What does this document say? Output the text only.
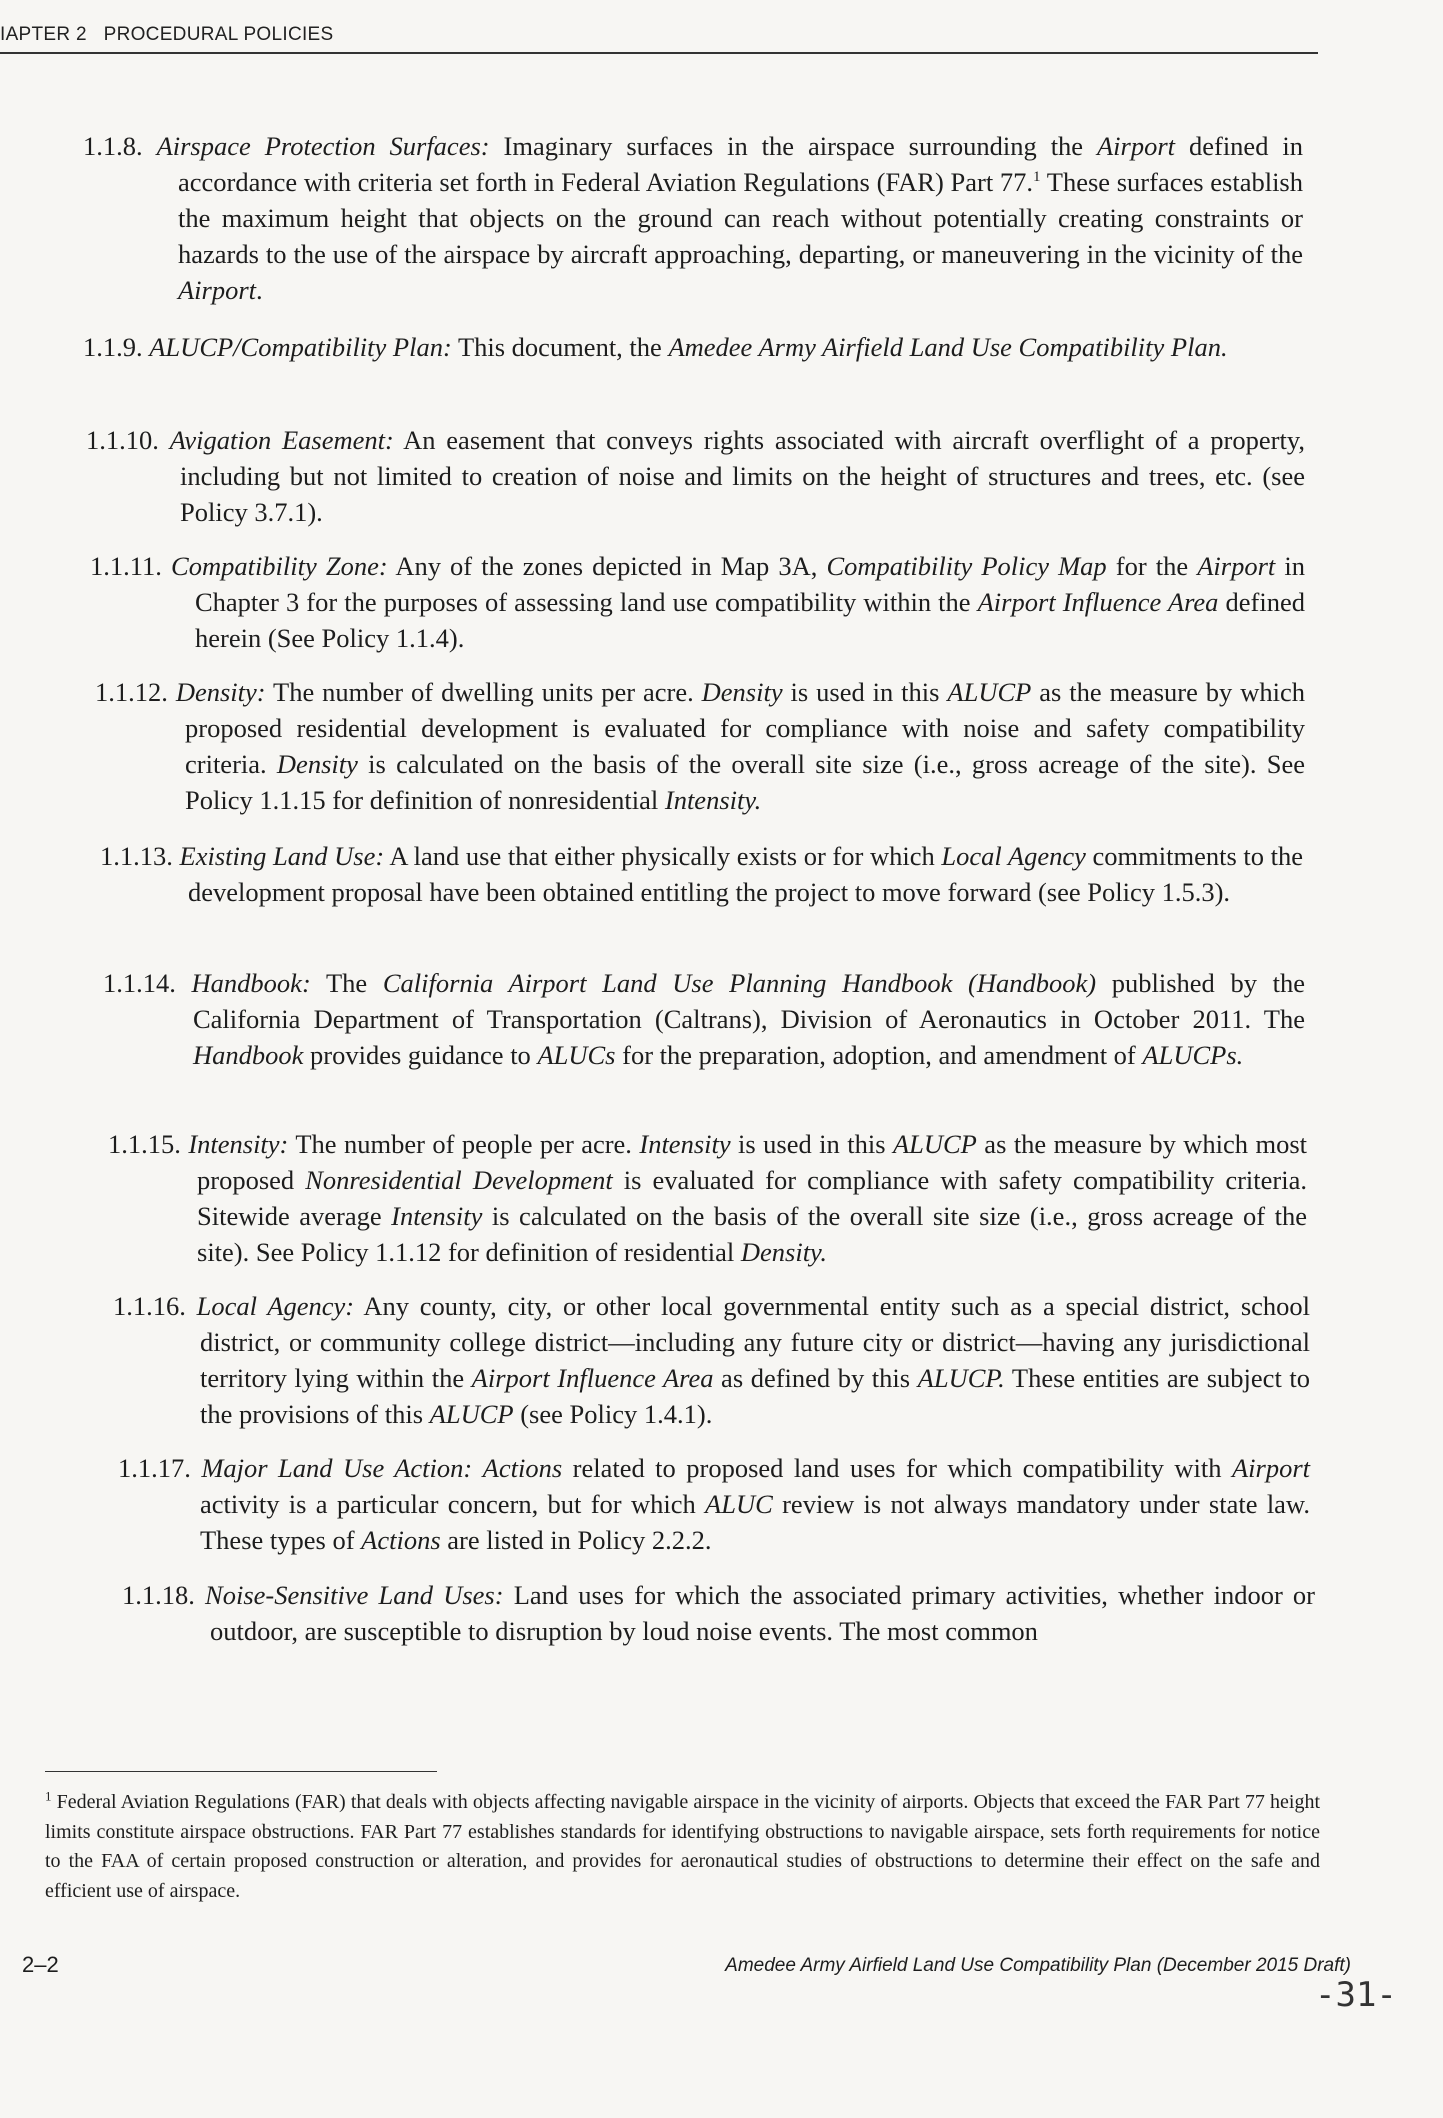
IAPTER 2   PROCEDURAL POLICIES
1.1.8. Airspace Protection Surfaces: Imaginary surfaces in the airspace surrounding the Airport defined in accordance with criteria set forth in Federal Aviation Regulations (FAR) Part 77.$^1$ These surfaces establish the maximum height that objects on the ground can reach without potentially creating constraints or hazards to the use of the airspace by aircraft approaching, departing, or maneuvering in the vicinity of the Airport.
1.1.9. ALUCP/Compatibility Plan: This document, the Amedee Army Airfield Land Use Compatibility Plan.
1.1.10. Avigation Easement: An easement that conveys rights associated with aircraft overflight of a property, including but not limited to creation of noise and limits on the height of structures and trees, etc. (see Policy 3.7.1).
1.1.11. Compatibility Zone: Any of the zones depicted in Map 3A, Compatibility Policy Map for the Airport in Chapter 3 for the purposes of assessing land use compatibility within the Airport Influence Area defined herein (See Policy 1.1.4).
1.1.12. Density: The number of dwelling units per acre. Density is used in this ALUCP as the measure by which proposed residential development is evaluated for compliance with noise and safety compatibility criteria. Density is calculated on the basis of the overall site size (i.e., gross acreage of the site). See Policy 1.1.15 for definition of nonresidential Intensity.
1.1.13. Existing Land Use: A land use that either physically exists or for which Local Agency commitments to the development proposal have been obtained entitling the project to move forward (see Policy 1.5.3).
1.1.14. Handbook: The California Airport Land Use Planning Handbook (Handbook) published by the California Department of Transportation (Caltrans), Division of Aeronautics in October 2011. The Handbook provides guidance to ALUCs for the preparation, adoption, and amendment of ALUCPs.
1.1.15. Intensity: The number of people per acre. Intensity is used in this ALUCP as the measure by which most proposed Nonresidential Development is evaluated for compliance with safety compatibility criteria. Sitewide average Intensity is calculated on the basis of the overall site size (i.e., gross acreage of the site). See Policy 1.1.12 for definition of residential Density.
1.1.16. Local Agency: Any county, city, or other local governmental entity such as a special district, school district, or community college district—including any future city or district—having any jurisdictional territory lying within the Airport Influence Area as defined by this ALUCP. These entities are subject to the provisions of this ALUCP (see Policy 1.4.1).
1.1.17. Major Land Use Action: Actions related to proposed land uses for which compatibility with Airport activity is a particular concern, but for which ALUC review is not always mandatory under state law. These types of Actions are listed in Policy 2.2.2.
1.1.18. Noise-Sensitive Land Uses: Land uses for which the associated primary activities, whether indoor or outdoor, are susceptible to disruption by loud noise events. The most common
$^1$ Federal Aviation Regulations (FAR) that deals with objects affecting navigable airspace in the vicinity of airports. Objects that exceed the FAR Part 77 height limits constitute airspace obstructions. FAR Part 77 establishes standards for identifying obstructions to navigable airspace, sets forth requirements for notice to the FAA of certain proposed construction or alteration, and provides for aeronautical studies of obstructions to determine their effect on the safe and efficient use of airspace.
2–2	Amedee Army Airfield Land Use Compatibility Plan (December 2015 Draft)
-31-
